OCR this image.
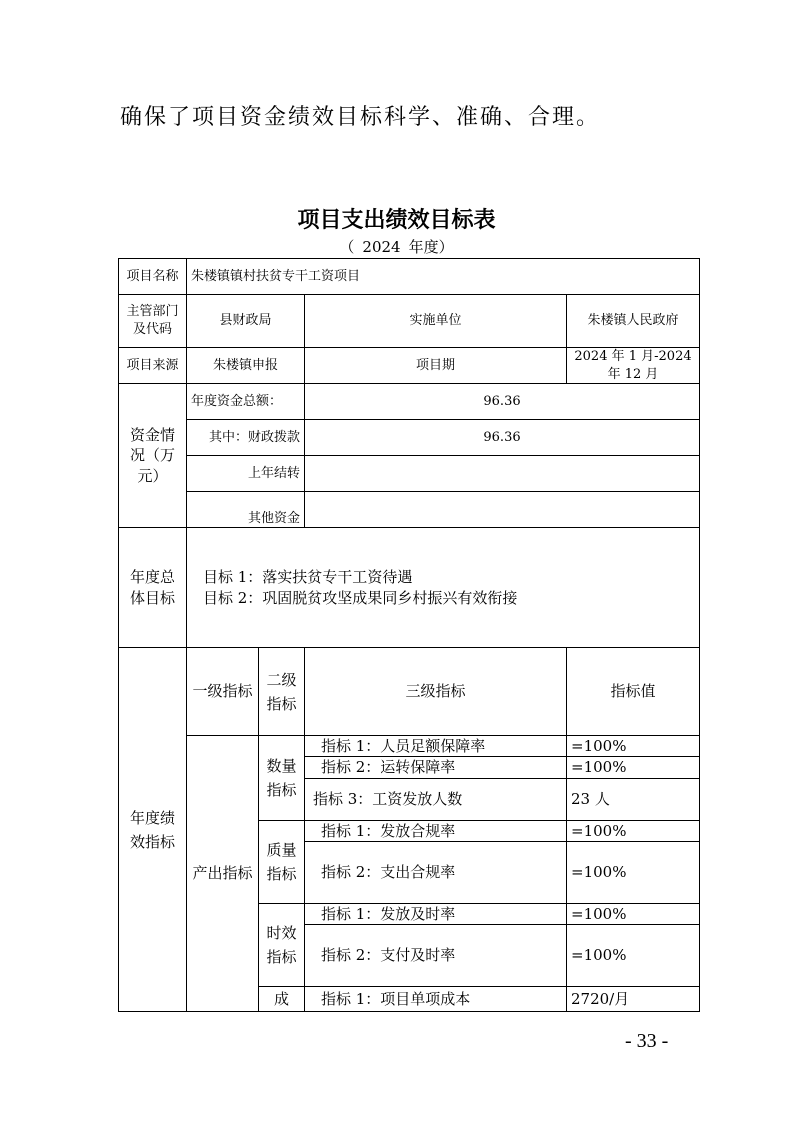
确保了项目资金绩效目标科学、准确、合理。
项目支出绩效目标表
（ 2024 年度）
项目名称	朱楼镇镇村扶贫专干工资项目			
主管部门及代码	县财政局		实施单位	朱楼镇人民政府
项目来源	朱楼镇申报		项目期	2024 年 1 月-2024 年 12 月
资金情况（万元）	年度资金总额：		96.36	
	其中：财政拨款		96.36	
	上年结转			
	其他资金			
年度总体目标	目标 1：落实扶贫专干工资待遇
目标 2：巩固脱贫攻坚成果同乡村振兴有效衔接			

年度绩效指标	一级指标	二级指标	三级指标	指标值
	产出指标	数量指标	指标 1：人员足额保障率	=100%
			指标 2：运转保障率	=100%
			指标 3：工资发放人数	23 人
		质量指标	指标 1：发放合规率	=100%
			指标 2：支出合规率	=100%
		时效指标	指标 1：发放及时率	=100%
			指标 2：支付及时率	=100%
		成	指标 1：项目单项成本	2720/月
- 33 -
